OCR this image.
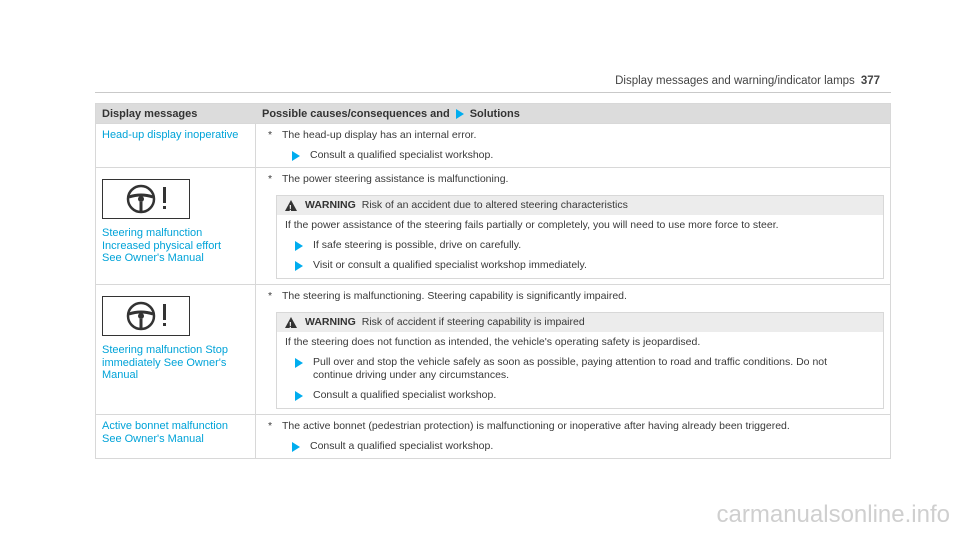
Display messages and warning/indicator lamps 377
Display messages	Possible causes/consequences and Solutions
Head-up display inoperative	* The head-up display has an internal error.
Consult a qualified specialist workshop.
Steering malfunction Increased physical effort See Owner's Manual
* The power steering assistance is malfunctioning.
! WARNING Risk of an accident due to altered steering characteristics
If the power assistance of the steering fails partially or completely, you will need to use more force to steer.
If safe steering is possible, drive on carefully.
Visit or consult a qualified specialist workshop immediately.
Steering malfunction Stop immediately See Owner's Manual
* The steering is malfunctioning. Steering capability is significantly impaired.
! WARNING Risk of accident if steering capability is impaired
If the steering does not function as intended, the vehicle's operating safety is jeopardised.
Pull over and stop the vehicle safely as soon as possible, paying attention to road and traffic conditions. Do not continue driving under any circumstances.
Consult a qualified specialist workshop.
Active bonnet malfunction See Owner's Manual
* The active bonnet (pedestrian protection) is malfunctioning or inoperative after having already been triggered.
Consult a qualified specialist workshop.
carmanualsonline.info
